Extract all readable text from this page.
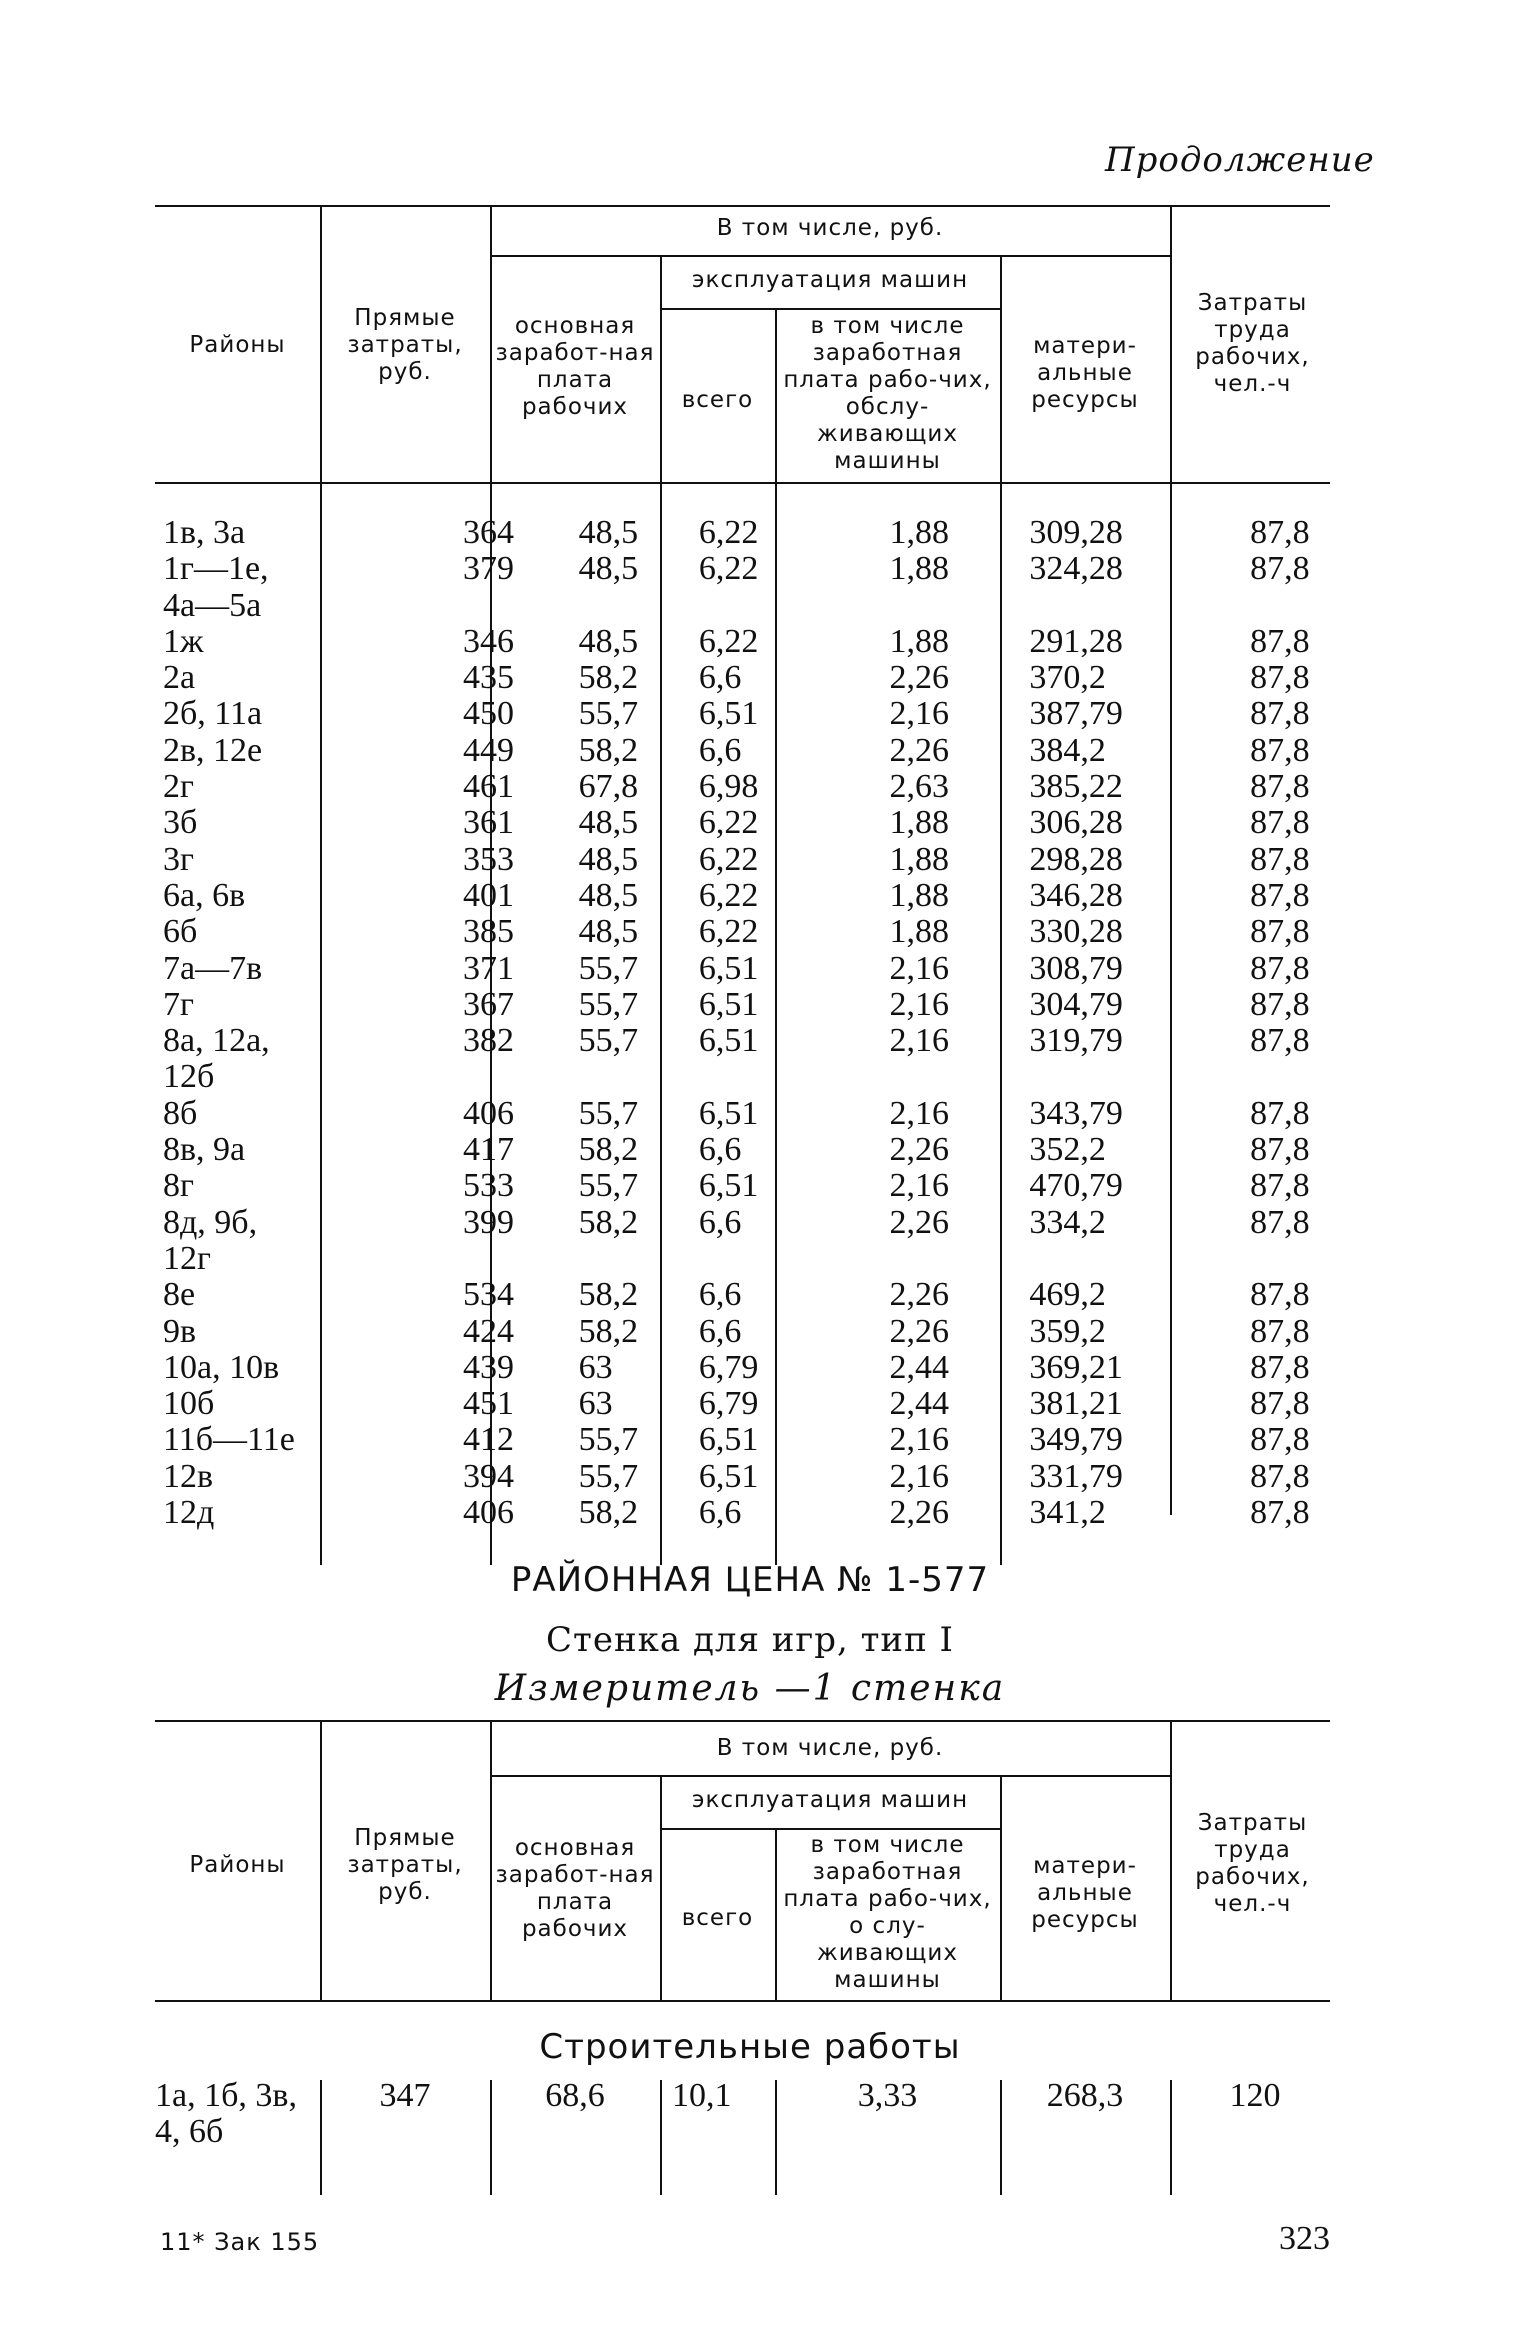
Продолжение
Районы
Прямые затраты, руб.
В том числе, руб.
основная заработ-ная плата рабочих
эксплуатация машин
всего
в том числе заработная плата рабо-чих, обслу-живающих машины
матери-альные ресурсы
Затраты труда рабочих, чел.-ч
1в, 3а	364	48,5	6,22	1,88	309,28	87,8
1г—1е,	379	48,5	6,22	1,88	324,28	87,8
4а—5а						
1ж	346	48,5	6,22	1,88	291,28	87,8
2а	435	58,2	6,6	2,26	370,2	87,8
2б, 11а	450	55,7	6,51	2,16	387,79	87,8
2в, 12е	449	58,2	6,6	2,26	384,2	87,8
2г	461	67,8	6,98	2,63	385,22	87,8
3б	361	48,5	6,22	1,88	306,28	87,8
3г	353	48,5	6,22	1,88	298,28	87,8
6а, 6в	401	48,5	6,22	1,88	346,28	87,8
6б	385	48,5	6,22	1,88	330,28	87,8
7а—7в	371	55,7	6,51	2,16	308,79	87,8
7г	367	55,7	6,51	2,16	304,79	87,8
8а, 12а,	382	55,7	6,51	2,16	319,79	87,8
12б						
8б	406	55,7	6,51	2,16	343,79	87,8
8в, 9а	417	58,2	6,6	2,26	352,2	87,8
8г	533	55,7	6,51	2,16	470,79	87,8
8д, 9б,	399	58,2	6,6	2,26	334,2	87,8
12г						
8е	534	58,2	6,6	2,26	469,2	87,8
9в	424	58,2	6,6	2,26	359,2	87,8
10а, 10в	439	63	6,79	2,44	369,21	87,8
10б	451	63	6,79	2,44	381,21	87,8
11б—11е	412	55,7	6,51	2,16	349,79	87,8
12в	394	55,7	6,51	2,16	331,79	87,8
12д	406	58,2	6,6	2,26	341,2	87,8
РАЙОННАЯ ЦЕНА № 1-577
Стенка для игр, тип I
Измеритель —1 стенка
Районы
Прямые затраты, руб.
В том числе, руб.
основная заработ-ная плата рабочих
эксплуатация машин
всего
в том числе заработная плата рабо-чих, о слу-живающих машины
матери-альные ресурсы
Затраты труда рабочих, чел.-ч
Строительные работы
1а, 1б, 3в,
4, 6б
347	68,6	10,1	3,33	268,3	120
11* Зак 155	323
